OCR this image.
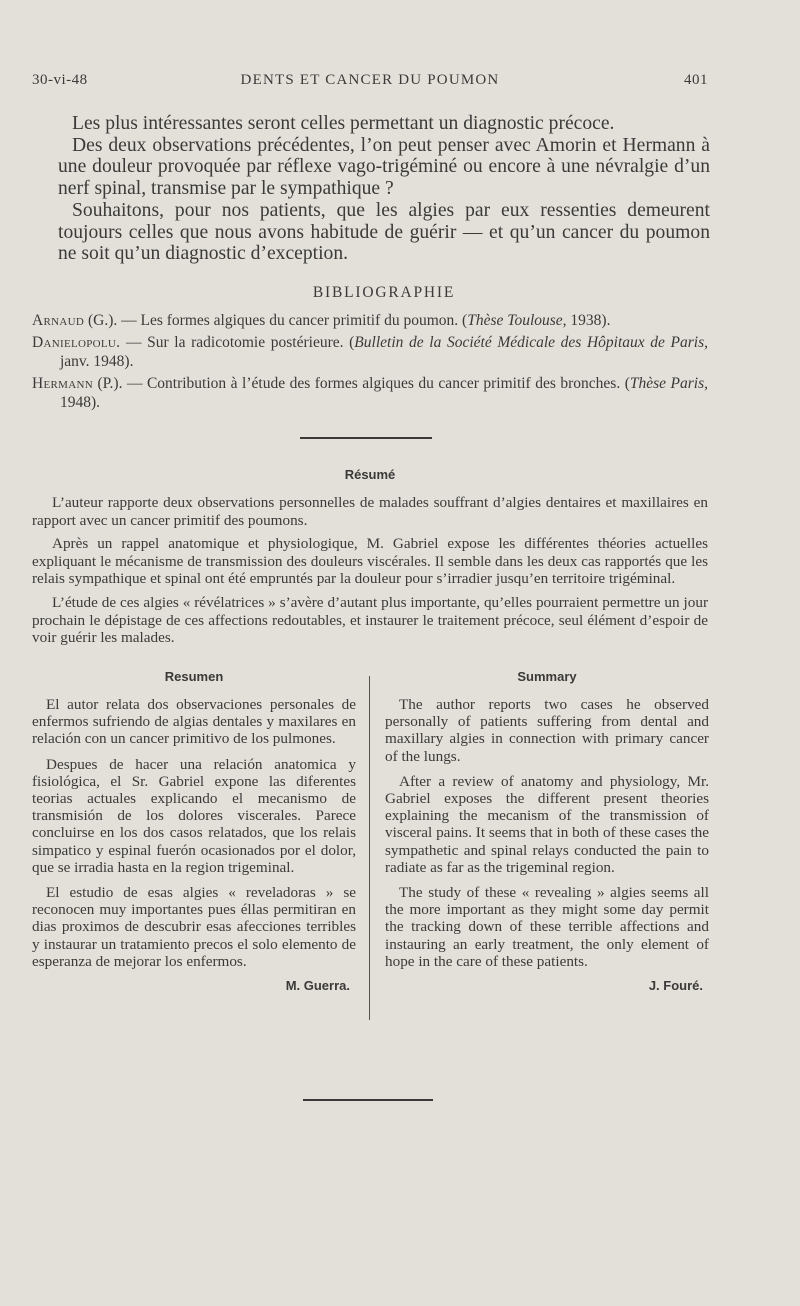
30-vi-48	DENTS ET CANCER DU POUMON	401

Les plus intéressantes seront celles permettant un diagnostic précoce.

Des deux observations précédentes, l’on peut penser avec Amorin et Hermann à une douleur provoquée par réflexe vago-trigéminé ou encore à une névralgie d’un nerf spinal, transmise par le sympathique ?

Souhaitons, pour nos patients, que les algies par eux ressenties demeurent toujours celles que nous avons habitude de guérir — et qu’un cancer du poumon ne soit qu’un diagnostic d’exception.

BIBLIOGRAPHIE

Arnaud (G.). — Les formes algiques du cancer primitif du poumon. (Thèse Toulouse, 1938).

Danielopolu. — Sur la radicotomie postérieure. (Bulletin de la Société Médicale des Hôpitaux de Paris, janv. 1948).

Hermann (P.). — Contribution à l’étude des formes algiques du cancer primitif des bronches. (Thèse Paris, 1948).

Résumé

L’auteur rapporte deux observations personnelles de malades souffrant d’algies dentaires et maxillaires en rapport avec un cancer primitif des poumons.

Après un rappel anatomique et physiologique, M. Gabriel expose les différentes théories actuelles expliquant le mécanisme de transmission des douleurs viscérales. Il semble dans les deux cas rapportés que les relais sympathique et spinal ont été empruntés par la douleur pour s’irradier jusqu’en territoire trigéminal.

L’étude de ces algies « révélatrices » s’avère d’autant plus importante, qu’elles pourraient permettre un jour prochain le dépistage de ces affections redoutables, et instaurer le traitement précoce, seul élément d’espoir de voir guérir les malades.

Resumen

El autor relata dos observaciones personales de enfermos sufriendo de algias dentales y maxilares en relación con un cancer primitivo de los pulmones.

Despues de hacer una relación anatomica y fisiológica, el Sr. Gabriel expone las diferentes teorias actuales explicando el mecanismo de transmisión de los dolores viscerales. Parece concluirse en los dos casos relatados, que los relais simpatico y espinal fuerón ocasionados por el dolor, que se irradia hasta en la region trigeminal.

El estudio de esas algies « reveladoras » se reconocen muy importantes pues éllas permitiran en dias proximos de descubrir esas afecciones terribles y instaurar un tratamiento precos el solo elemento de esperanza de mejorar los enfermos.

M. Guerra.
Summary

The author reports two cases he observed personally of patients suffering from dental and maxillary algies in connection with primary cancer of the lungs.

After a review of anatomy and physiology, Mr. Gabriel exposes the different present theories explaining the mecanism of the transmission of visceral pains. It seems that in both of these cases the sympathetic and spinal relays conducted the pain to radiate as far as the trigeminal region.

The study of these « revealing » algies seems all the more important as they might some day permit the tracking down of these terrible affections and instauring an early treatment, the only element of hope in the care of these patients.

J. Fouré.
